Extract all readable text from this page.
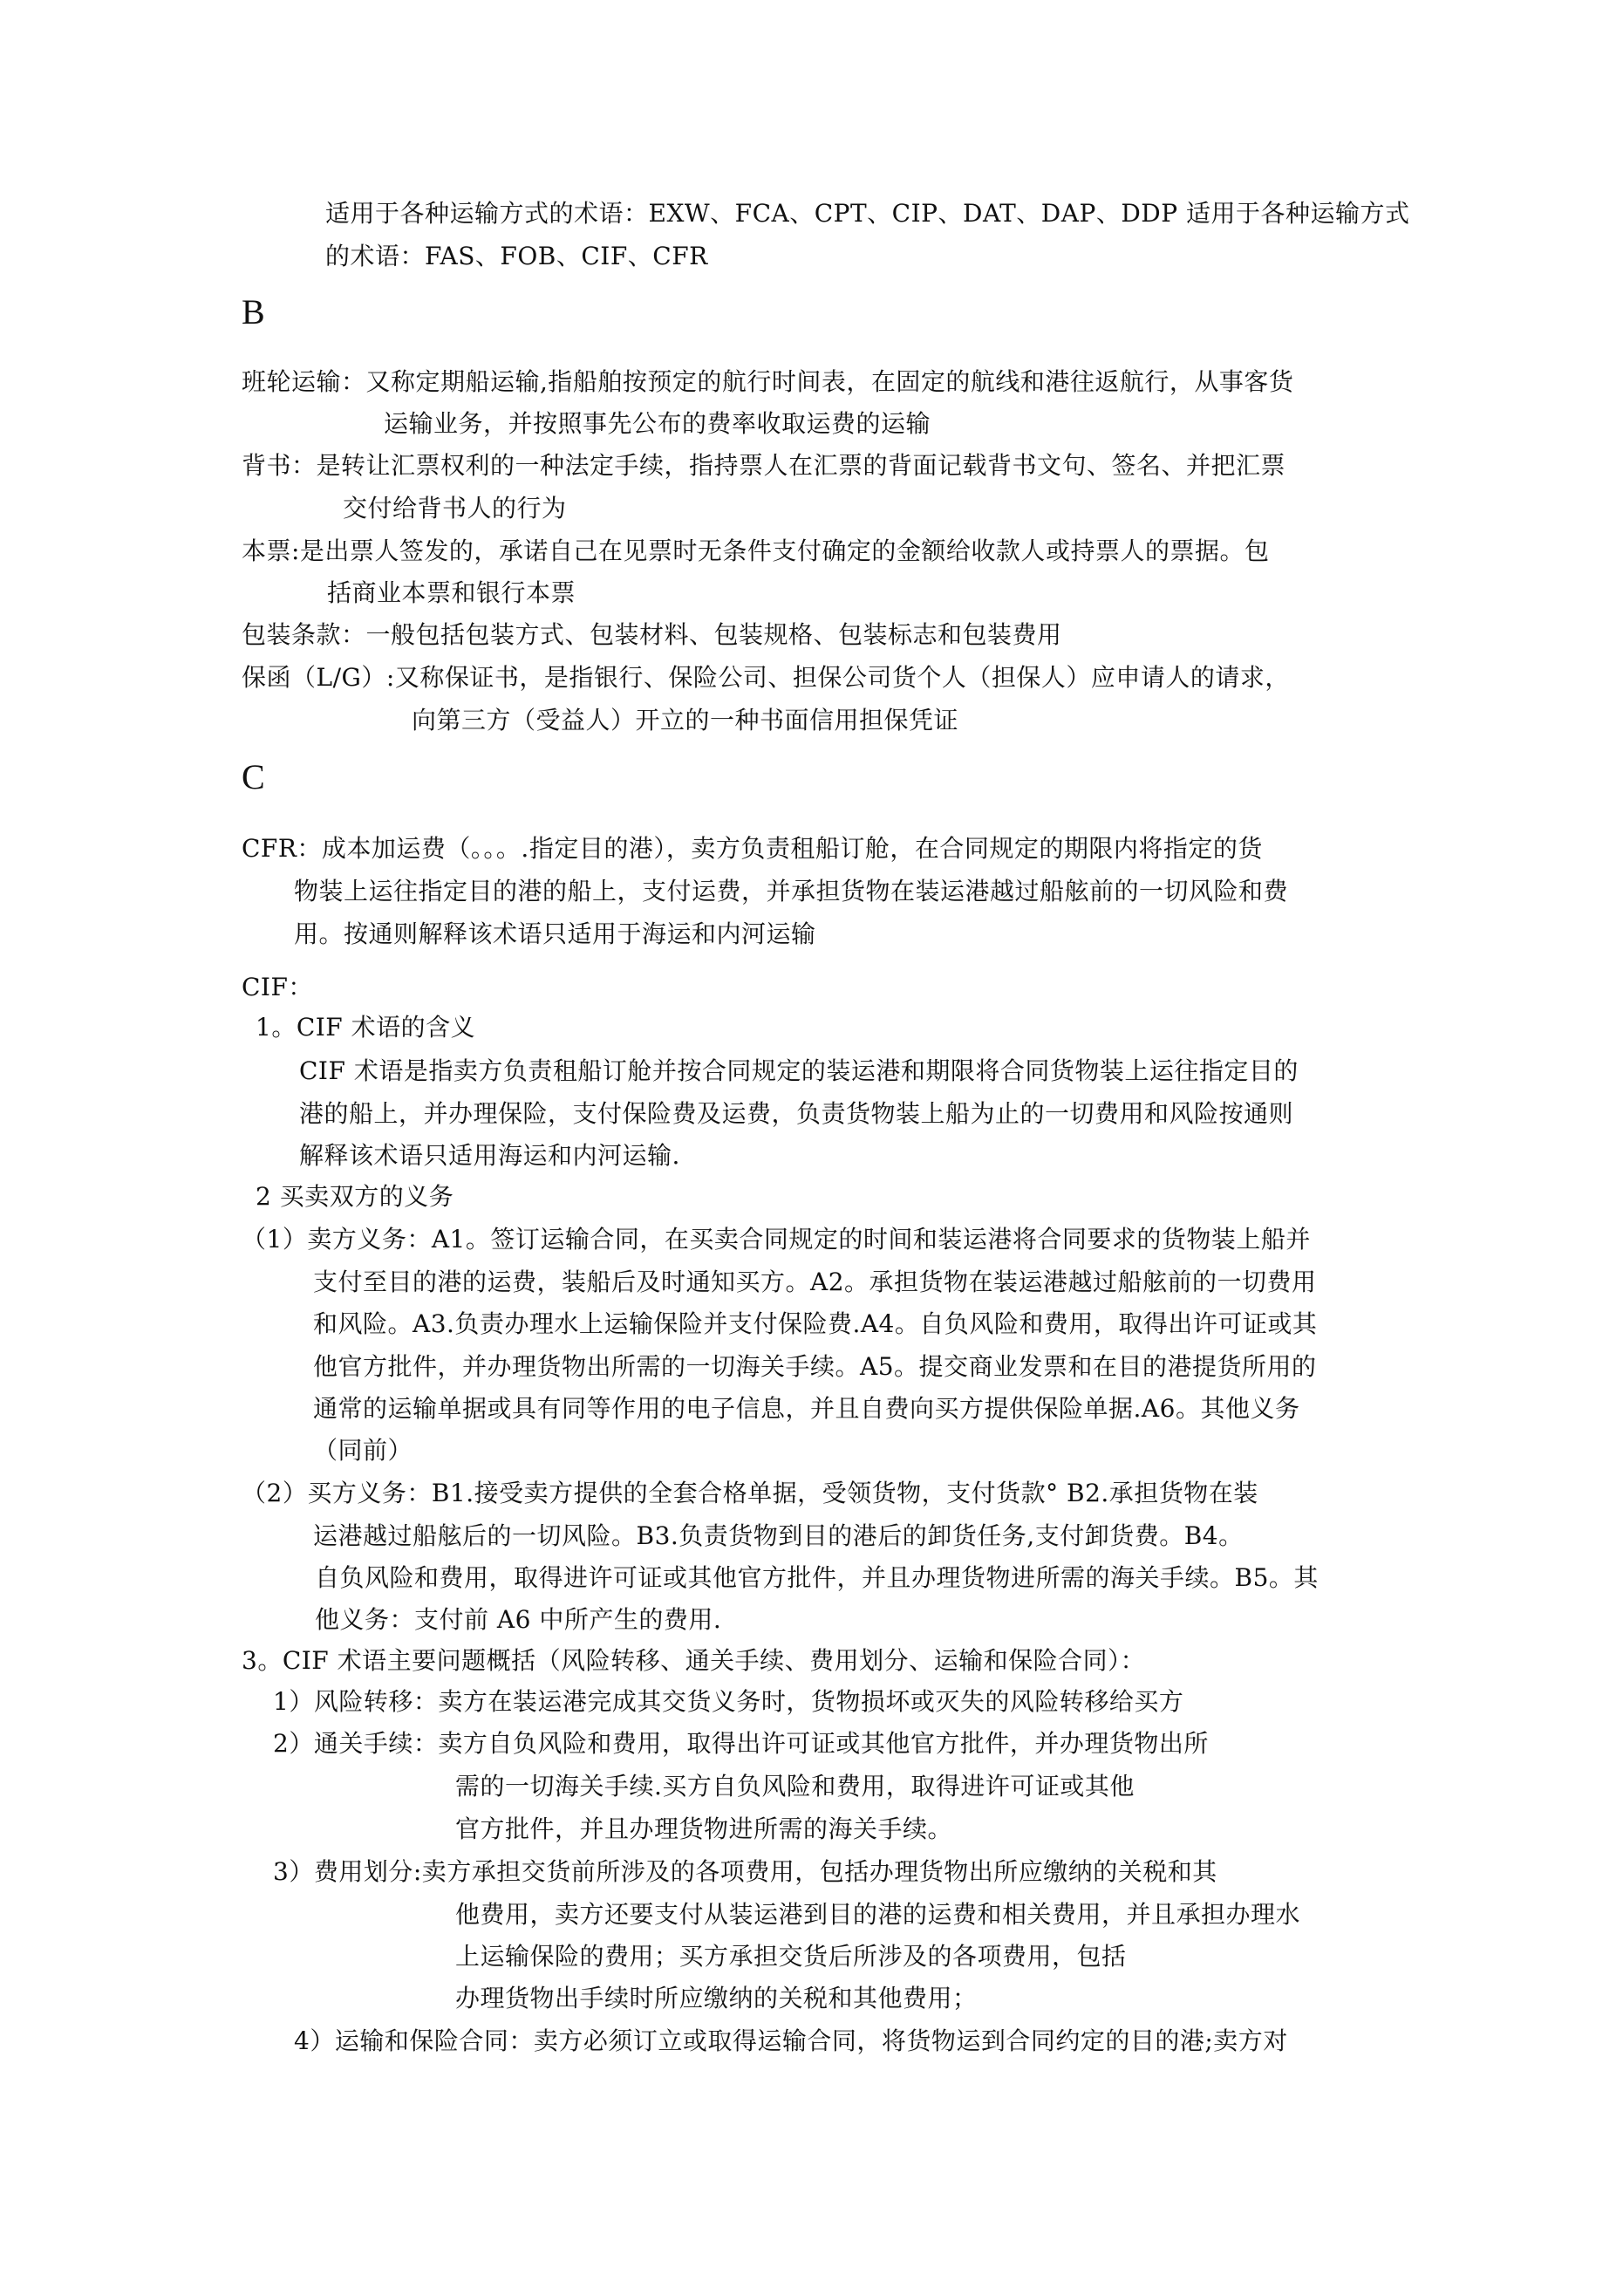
适用于各种运输方式的术语：EXW、FCA、CPT、CIP、DAT、DAP、DDP 适用于各种运输方式
的术语：FAS、FOB、CIF、CFR
B
班轮运输：又称定期船运输,指船舶按预定的航行时间表，在固定的航线和港往返航行，从事客货
运输业务，并按照事先公布的费率收取运费的运输
背书：是转让汇票权利的一种法定手续，指持票人在汇票的背面记载背书文句、签名、并把汇票
交付给背书人的行为
本票:是出票人签发的，承诺自己在见票时无条件支付确定的金额给收款人或持票人的票据。包
括商业本票和银行本票
包装条款：一般包括包装方式、包装材料、包装规格、包装标志和包装费用
保函（L/G）:又称保证书，是指银行、保险公司、担保公司货个人（担保人）应申请人的请求，
向第三方（受益人）开立的一种书面信用担保凭证
C
CFR：成本加运费（。。。.指定目的港），卖方负责租船订舱，在合同规定的期限内将指定的货
物装上运往指定目的港的船上，支付运费，并承担货物在装运港越过船舷前的一切风险和费
用。按通则解释该术语只适用于海运和内河运输
CIF：
1。CIF 术语的含义
CIF 术语是指卖方负责租船订舱并按合同规定的装运港和期限将合同货物装上运往指定目的
港的船上，并办理保险，支付保险费及运费，负责货物装上船为止的一切费用和风险按通则
解释该术语只适用海运和内河运输.
2 买卖双方的义务
（1）卖方义务：A1。签订运输合同，在买卖合同规定的时间和装运港将合同要求的货物装上船并
支付至目的港的运费，装船后及时通知买方。A2。承担货物在装运港越过船舷前的一切费用
和风险。A3.负责办理水上运输保险并支付保险费.A4。自负风险和费用，取得出许可证或其
他官方批件，并办理货物出所需的一切海关手续。A5。提交商业发票和在目的港提货所用的
通常的运输单据或具有同等作用的电子信息，并且自费向买方提供保险单据.A6。其他义务
（同前）
（2）买方义务：B1.接受卖方提供的全套合格单据，受领货物，支付货款° B2.承担货物在装
运港越过船舷后的一切风险。B3.负责货物到目的港后的卸货任务,支付卸货费。B4。
自负风险和费用，取得进许可证或其他官方批件，并且办理货物进所需的海关手续。B5。其
他义务：支付前 A6 中所产生的费用.
3。CIF 术语主要问题概括（风险转移、通关手续、费用划分、运输和保险合同）：
1）风险转移：卖方在装运港完成其交货义务时，货物损坏或灭失的风险转移给买方
2）通关手续：卖方自负风险和费用，取得出许可证或其他官方批件，并办理货物出所
需的一切海关手续.买方自负风险和费用，取得进许可证或其他
官方批件，并且办理货物进所需的海关手续。
3）费用划分:卖方承担交货前所涉及的各项费用，包括办理货物出所应缴纳的关税和其
他费用，卖方还要支付从装运港到目的港的运费和相关费用，并且承担办理水
上运输保险的费用；买方承担交货后所涉及的各项费用，包括
办理货物出手续时所应缴纳的关税和其他费用；
4）运输和保险合同：卖方必须订立或取得运输合同，将货物运到合同约定的目的港;卖方对
